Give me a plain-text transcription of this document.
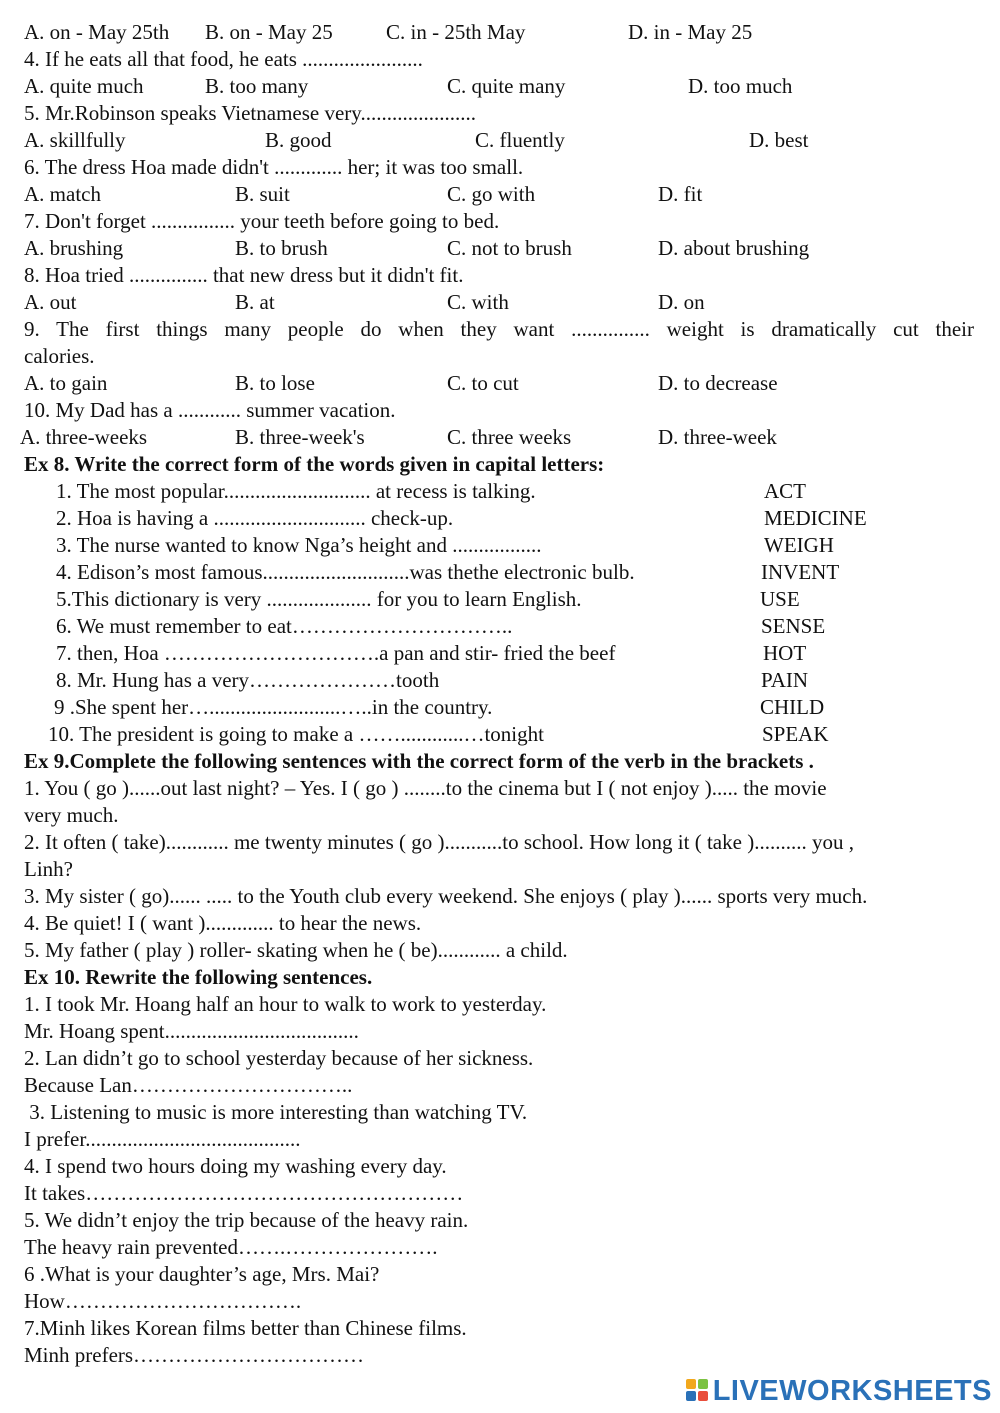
A. on - May 25th B. on - May 25	C. in - 25th May	D. in - May 25
4. If he eats all that food, he eats .......................
A. quite much	B. too many	C. quite many	D. too much
5. Mr.Robinson speaks Vietnamese very......................
A. skillfully	B. good	C. fluently	D. best
6. The dress Hoa made didn't ............. her; it was too small.
A. match	B. suit	C. go with	D. fit
7. Don't forget ................ your teeth before going to bed.
A. brushing	B. to brush	C. not to brush	D. about brushing
8. Hoa tried ............... that new dress but it didn't fit.
A. out	B. at	C. with	D. on
9. The first things many people do when they want ............... weight is dramatically cut their
calories.
A. to gain	B. to lose	C. to cut	D. to decrease
10. My Dad has a ............ summer vacation.
A. three-weeks	B. three-week's	C. three weeks	D. three-week
Ex 8. Write the correct form of the words given in capital letters:
1. The most popular............................ at recess is talking.	ACT
2. Hoa is having a ............................. check-up.	MEDICINE
3. The nurse wanted to know Nga’s height and .................	WEIGH
4. Edison’s most famous............................was thethe electronic bulb.	INVENT
5.This dictionary is very .................... for you to learn English.	USE
6. We must remember to eat…………………………..	SENSE
7. then, Hoa ………………………….a pan and stir- fried the beef	HOT
8. Mr. Hung has a very…………………tooth	PAIN
9 .She spent her….........................…..in the country.	CHILD
10. The president is going to make a ……............…tonight	SPEAK
Ex 9.Complete the following sentences with the correct form of the verb in the brackets .
1. You ( go )......out last night? – Yes. I ( go ) ........to the cinema but I ( not enjoy )..... the movie
very much.
2. It often ( take)............ me twenty minutes ( go )...........to school. How long it ( take ).......... you ,
Linh?
3. My sister ( go)...... ..... to the Youth club every weekend. She enjoys ( play )...... sports very much.
4. Be quiet! I ( want )............. to hear the news.
5. My father ( play ) roller- skating when he ( be)............ a child.
Ex 10. Rewrite the following sentences.
1. I took Mr. Hoang half an hour to walk to work to yesterday.
Mr. Hoang spent.....................................
2. Lan didn’t go to school yesterday because of her sickness.
Because Lan…………………………..
3. Listening to music is more interesting than watching TV.
I prefer.........................................
4. I spend two hours doing my washing every day.
It takes………………………………………………
5. We didn’t enjoy the trip because of the heavy rain.
The heavy rain prevented…….………………….
6 .What is your daughter’s age, Mrs. Mai?
How…………………………….
7.Minh likes Korean films better than Chinese films.
Minh prefers……………………………
LIVEWORKSHEETS
